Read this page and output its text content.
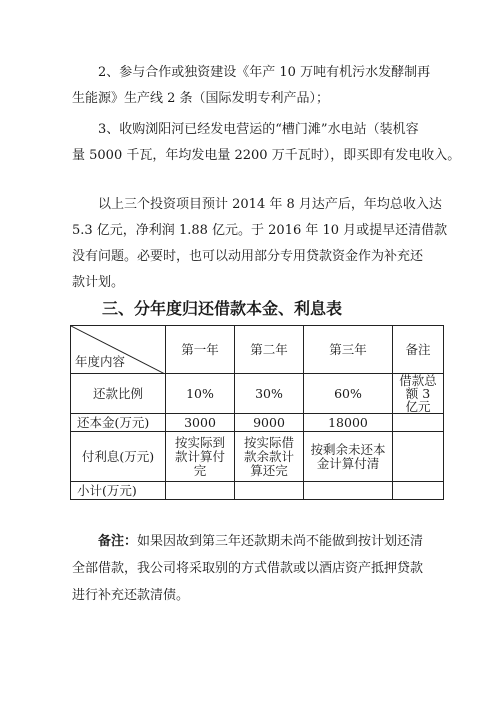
2、参与合作或独资建设《年产 10 万吨有机污水发酵制再
生能源》生产线 2 条（国际发明专利产品）；

3、收购浏阳河已经发电营运的“槽门滩”水电站（装机容
量 5000 千瓦，年均发电量 2200 万千瓦时），即买即有发电收入。

以上三个投资项目预计 2014 年 8 月达产后，年均总收入达
5.3 亿元，净利润 1.88 亿元。于 2016 年 10 月或提早还清借款
没有问题。必要时，也可以动用部分专用贷款资金作为补充还
款计划。

三、分年度归还借款本金、利息表
年度内容	第一年	第二年	第三年	备注
还款比例	10%	30%	60%	借款总额 3 亿元

还本金(万元)	3000	9000	18000	
付利息(万元)	按实际到款计算付完	按实际借款余款计算还完	按剩余未还本金计算付清	

小计(万元)				

备注：如果因故到第三年还款期未尚不能做到按计划还清
全部借款，我公司将采取别的方式借款或以酒店资产抵押贷款
进行补充还款清债。
